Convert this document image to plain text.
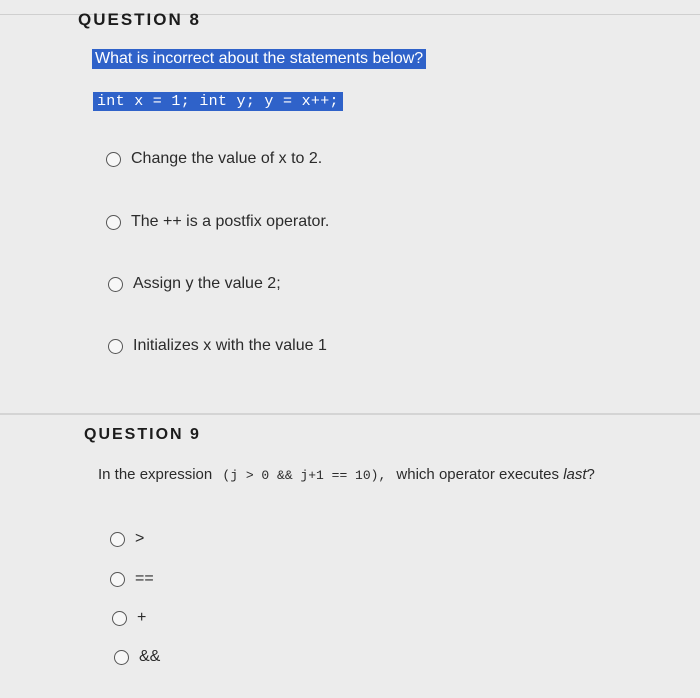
QUESTION 8
What is incorrect about the statements below?
int x = 1; int y; y = x++;
Change the value of x to 2.
The ++ is a postfix operator.
Assign y the value 2;
Initializes x with the value 1
QUESTION 9
In the expression (j > 0 && j+1 == 10), which operator executes last?
>
==
+
&&
